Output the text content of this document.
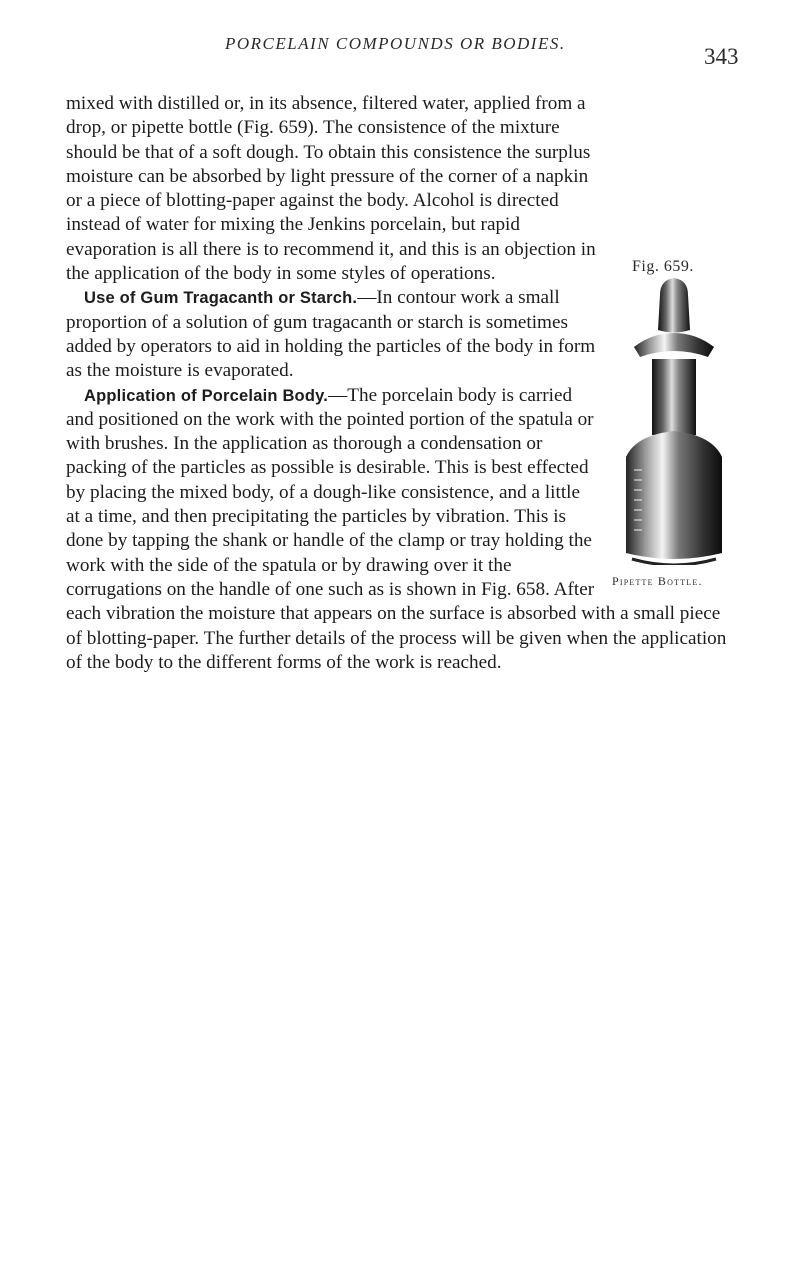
PORCELAIN COMPOUNDS OR BODIES.
343
Fig. 659.
Pipette Bottle.

mixed with distilled or, in its absence, filtered water, applied from a drop, or pipette bottle (Fig. 659). The consistence of the mixture should be that of a soft dough. To obtain this consistence the surplus moisture can be absorbed by light pressure of the corner of a napkin or a piece of blotting-paper against the body. Alcohol is directed instead of water for mixing the Jenkins porcelain, but rapid evaporation is all there is to recommend it, and this is an objection in the application of the body in some styles of operations.

Use of Gum Tragacanth or Starch.—In contour work a small proportion of a solution of gum tragacanth or starch is sometimes added by operators to aid in holding the particles of the body in form as the moisture is evaporated.

Application of Porcelain Body.—The porcelain body is carried and positioned on the work with the pointed portion of the spatula or with brushes. In the application as thorough a condensation or packing of the particles as possible is desirable. This is best effected by placing the mixed body, of a dough-like consistence, and a little at a time, and then precipitating the particles by vibration. This is done by tapping the shank or handle of the clamp or tray holding the work with the side of the spatula or by drawing over it the corrugations on the handle of one such as is shown in Fig. 658. After each vibration the moisture that appears on the surface is absorbed with a small piece of blotting-paper. The further details of the process will be given when the application of the body to the different forms of the work is reached.
